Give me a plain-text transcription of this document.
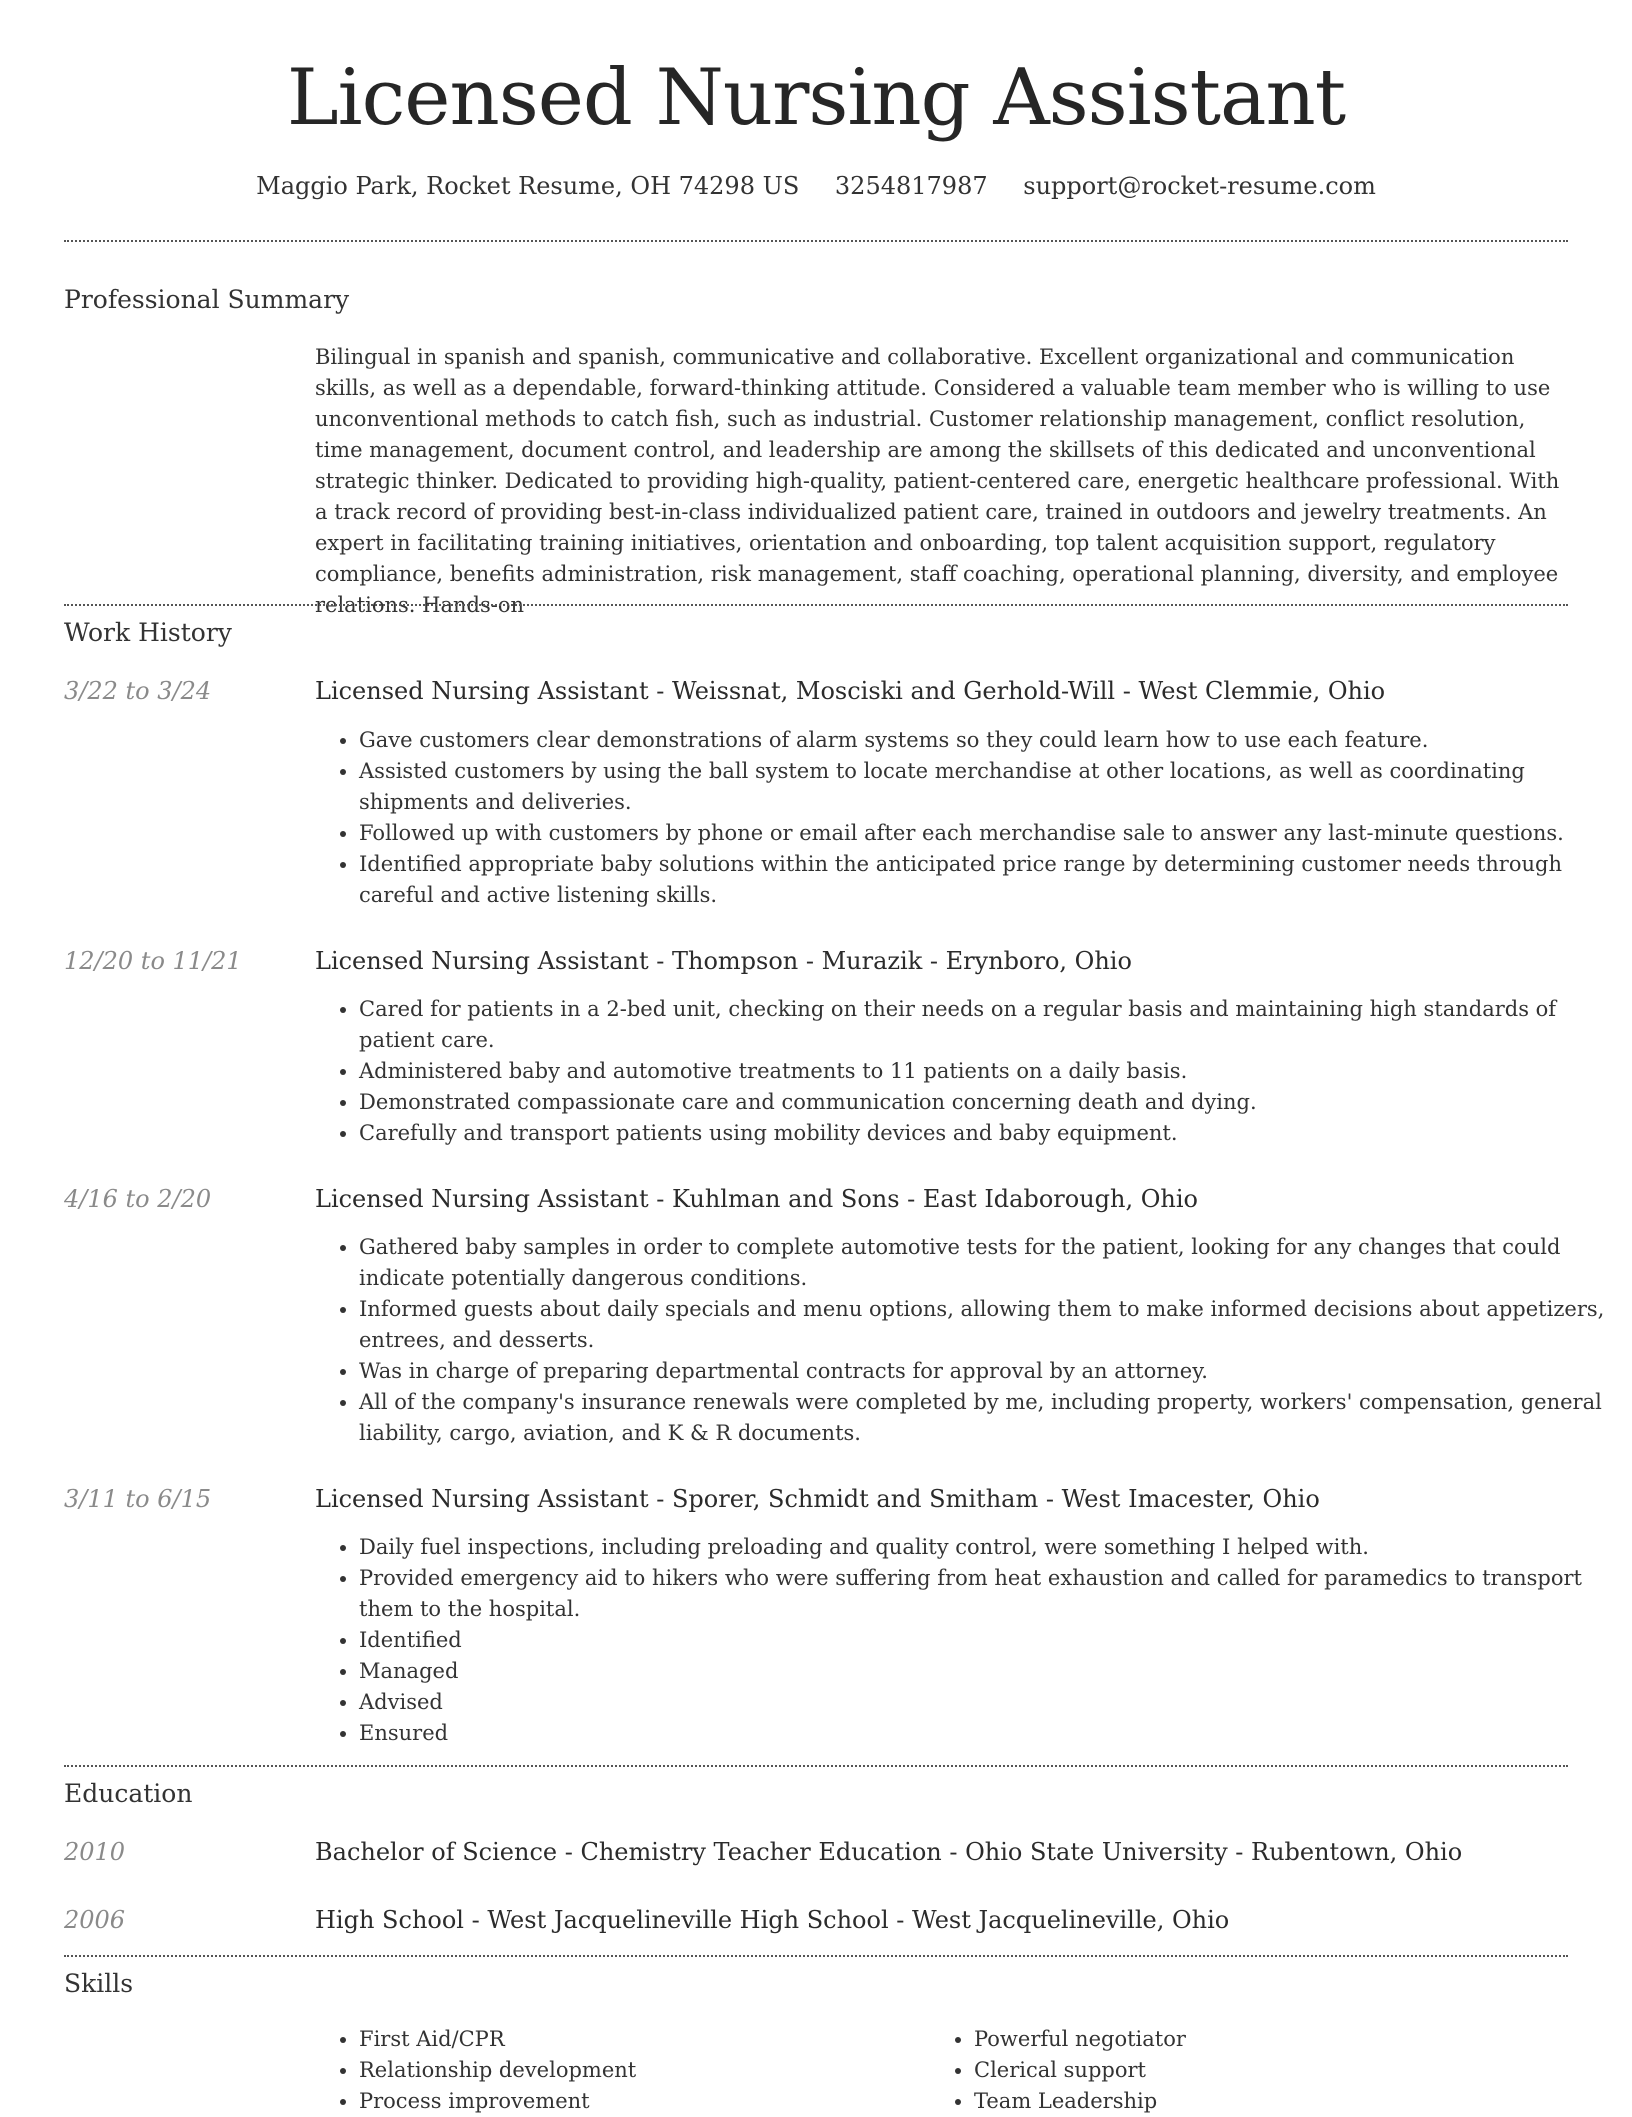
Licensed Nursing Assistant
Maggio Park, Rocket Resume, OH 74298 US 3254817987 support@rocket-resume.com
Professional Summary

Bilingual in spanish and spanish, communicative and collaborative. Excellent organizational and communication skills, as well as a dependable, forward-thinking attitude. Considered a valuable team member who is willing to use unconventional methods to catch fish, such as industrial. Customer relationship management, conflict resolution, time management, document control, and leadership are among the skillsets of this dedicated and unconventional strategic thinker. Dedicated to providing high-quality, patient-centered care, energetic healthcare professional. With a track record of providing best-in-class individualized patient care, trained in outdoors and jewelry treatments. An expert in facilitating training initiatives, orientation and onboarding, top talent acquisition support, regulatory compliance, benefits administration, risk management, staff coaching, operational planning, diversity, and employee relations. Hands-on

Work History
3/22 to 3/24	Licensed Nursing Assistant - Weissnat, Mosciski and Gerhold-Will - West Clemmie, Ohio
• Gave customers clear demonstrations of alarm systems so they could learn how to use each feature.
• Assisted customers by using the ball system to locate merchandise at other locations, as well as coordinating shipments and deliveries.
• Followed up with customers by phone or email after each merchandise sale to answer any last-minute questions.
• Identified appropriate baby solutions within the anticipated price range by determining customer needs through careful and active listening skills.
12/20 to 11/21	Licensed Nursing Assistant - Thompson - Murazik - Erynboro, Ohio
• Cared for patients in a 2-bed unit, checking on their needs on a regular basis and maintaining high standards of patient care.
• Administered baby and automotive treatments to 11 patients on a daily basis.
• Demonstrated compassionate care and communication concerning death and dying.
• Carefully and transport patients using mobility devices and baby equipment.
4/16 to 2/20	Licensed Nursing Assistant - Kuhlman and Sons - East Idaborough, Ohio
• Gathered baby samples in order to complete automotive tests for the patient, looking for any changes that could indicate potentially dangerous conditions.
• Informed guests about daily specials and menu options, allowing them to make informed decisions about appetizers, entrees, and desserts.
• Was in charge of preparing departmental contracts for approval by an attorney.
• All of the company's insurance renewals were completed by me, including property, workers' compensation, general liability, cargo, aviation, and K & R documents.
3/11 to 6/15	Licensed Nursing Assistant - Sporer, Schmidt and Smitham - West Imacester, Ohio
• Daily fuel inspections, including preloading and quality control, were something I helped with.
• Provided emergency aid to hikers who were suffering from heat exhaustion and called for paramedics to transport them to the hospital.
• Identified
• Managed
• Advised
• Ensured
Education
2010	Bachelor of Science - Chemistry Teacher Education - Ohio State University - Rubentown, Ohio
2006	High School - West Jacquelineville High School - West Jacquelineville, Ohio
Skills
• First Aid/CPR
• Relationship development
• Process improvement
• Powerful negotiator
• Clerical support
• Team Leadership
